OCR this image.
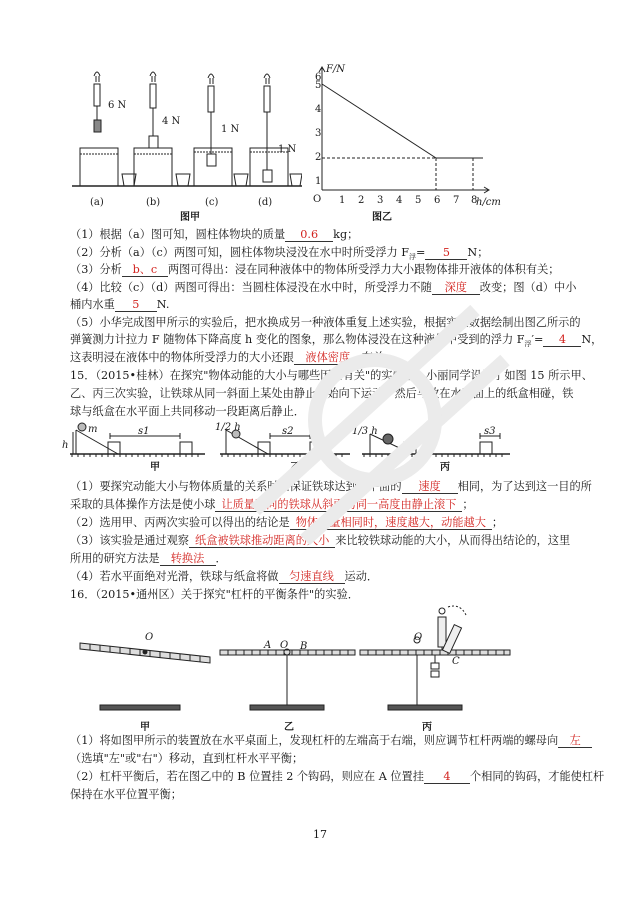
6 N
4 N
1 N
1 N
(a)	(b)	(c)	(d)
图甲
F/N
h/cm
O
1
2
3
4
5
6
1 2 3 4 5 6 7 8
图乙
（1）根据（a）图可知，圆柱体物块的质量 0.6 kg；
（2）分析（a）（c）两图可知，圆柱体物块浸没在水中时所受浮力 $F_浮= 5$ N；
（3）分析 b、c 两图可得出：浸在同种液体中的物体所受浮力大小跟物体排开液体的体积有关；
（4）比较（c）（d）两图可得出：当圆柱体浸没在水中时，所受浮力不随 深度 改变；图（d）中小
桶内水重 5 N.
（5）小华完成图甲所示的实验后，把水换成另一种液体重复上述实验，根据实验数据绘制出图乙所示的
弹簧测力计拉力 F 随物体下降高度 h 变化的图象，那么物体浸没在这种液体中受到的浮力 $F_浮'= 4$ N，
这表明浸在液体中的物体所受浮力的大小还跟 液体密度 有关.
15．（2015•桂林）在探究"物体动能的大小与哪些因素有关"的实验中，小丽同学设计了如图 15 所示甲、
乙、丙三次实验，让铁球从同一斜面上某处由静止开始向下运动，然后与放在水平面上的纸盒相碰，铁
球与纸盒在水平面上共同移动一段距离后静止．
m
h
1/2 h	1/3 h
s1	s2	s3
甲	乙	丙
（1）要探究动能大小与物体质量的关系时应保证铁球达到水平面的 速度 相同，为了达到这一目的所
采取的具体操作方法是使小球 让质量不同的铁球从斜面的同一高度由静止滚下 ；
（2）选用甲、丙两次实验可以得出的结论是 物体质量相同时，速度越大，动能越大 ；
（3）该实验是通过观察 纸盒被铁球推动距离的大小 来比较铁球动能的大小，从而得出结论的，这里
所用的研究方法是 转换法 ．
（4）若水平面绝对光滑，铁球与纸盒将做 匀速直线 运动．
16．（2015•通州区）关于探究"杠杆的平衡条件"的实验．
O
O
A	B
O
C
甲	乙	丙
（1）将如图甲所示的装置放在水平桌面上，发现杠杆的左端高于右端，则应调节杠杆两端的螺母向 左
（选填"左"或"右"）移动，直到杠杆水平平衡；
（2）杠杆平衡后，若在图乙中的 B 位置挂 2 个钩码，则应在 A 位置挂 4 个相同的钩码，才能使杠杆
保持在水平位置平衡；
17
